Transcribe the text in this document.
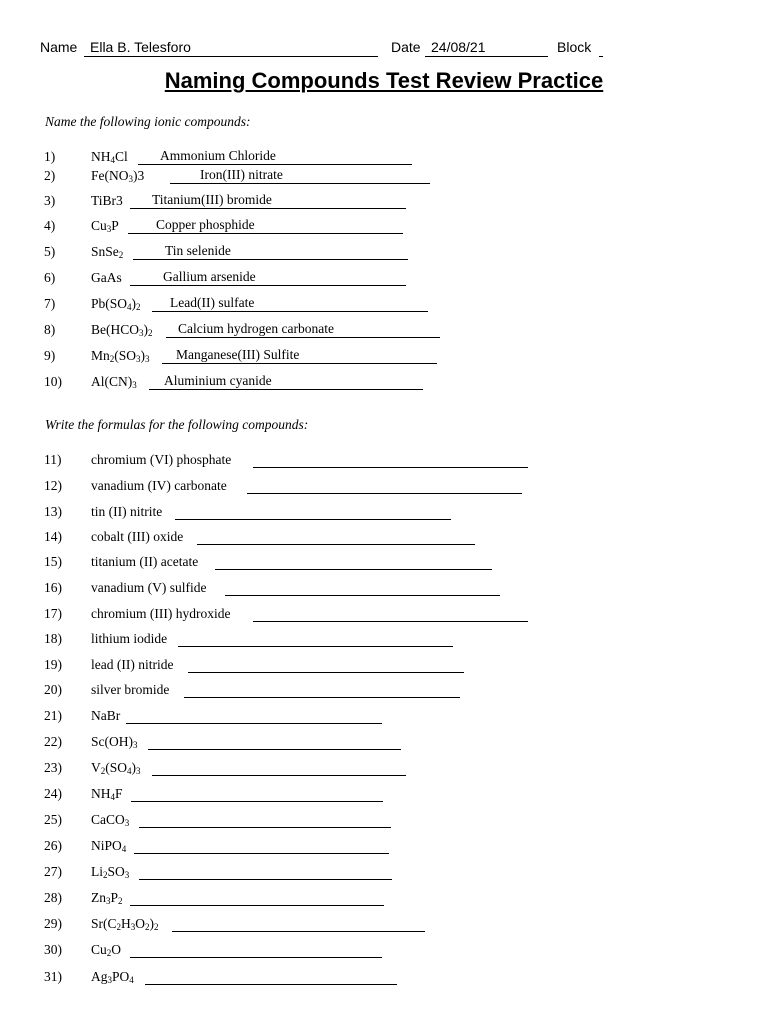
Name Ella B. Telesforo	Date 24/08/21	Block
Naming Compounds Test Review Practice
Name the following ionic compounds:
1)	$NH_4Cl$ Ammonium Chloride
2)	$Fe(NO_3)3$	Iron(III) nitrate
3)	TiBr3 Titanium(III) bromide
4)	$Cu_3P$	Copper phosphide
5)	SnSe$_2$	Tin selenide
6)	GaAs	Gallium arsenide
7)	$Pb(SO_4)_2$ Lead(II) sulfate
8)	$Be(HCO_3)_2$ Calcium hydrogen carbonate
9)	$Mn_2(SO_3)_3$ Manganese(III) Sulfite
10) $Al(CN)_3$ Aluminium cyanide
Write the formulas for the following compounds:
11) chromium (VI) phosphate
12) vanadium (IV) carbonate
13) tin (II) nitrite
14) cobalt (III) oxide
15) titanium (II) acetate
16) vanadium (V) sulfide
17) chromium (III) hydroxide
18) lithium iodide
19) lead (II) nitride
20) silver bromide
21) NaBr
22) $Sc(OH)_3$
23) $V_2(SO_4)_3$
24) $NH_4F$
25) CaCO$_3$
26) NiPO$_4$
27) $Li_2SO_3$
28) $Zn_3P_2$
29) $Sr(C_2H_3O_2)_2$
30) $Cu_2O$
31) $Ag_3PO_4$
